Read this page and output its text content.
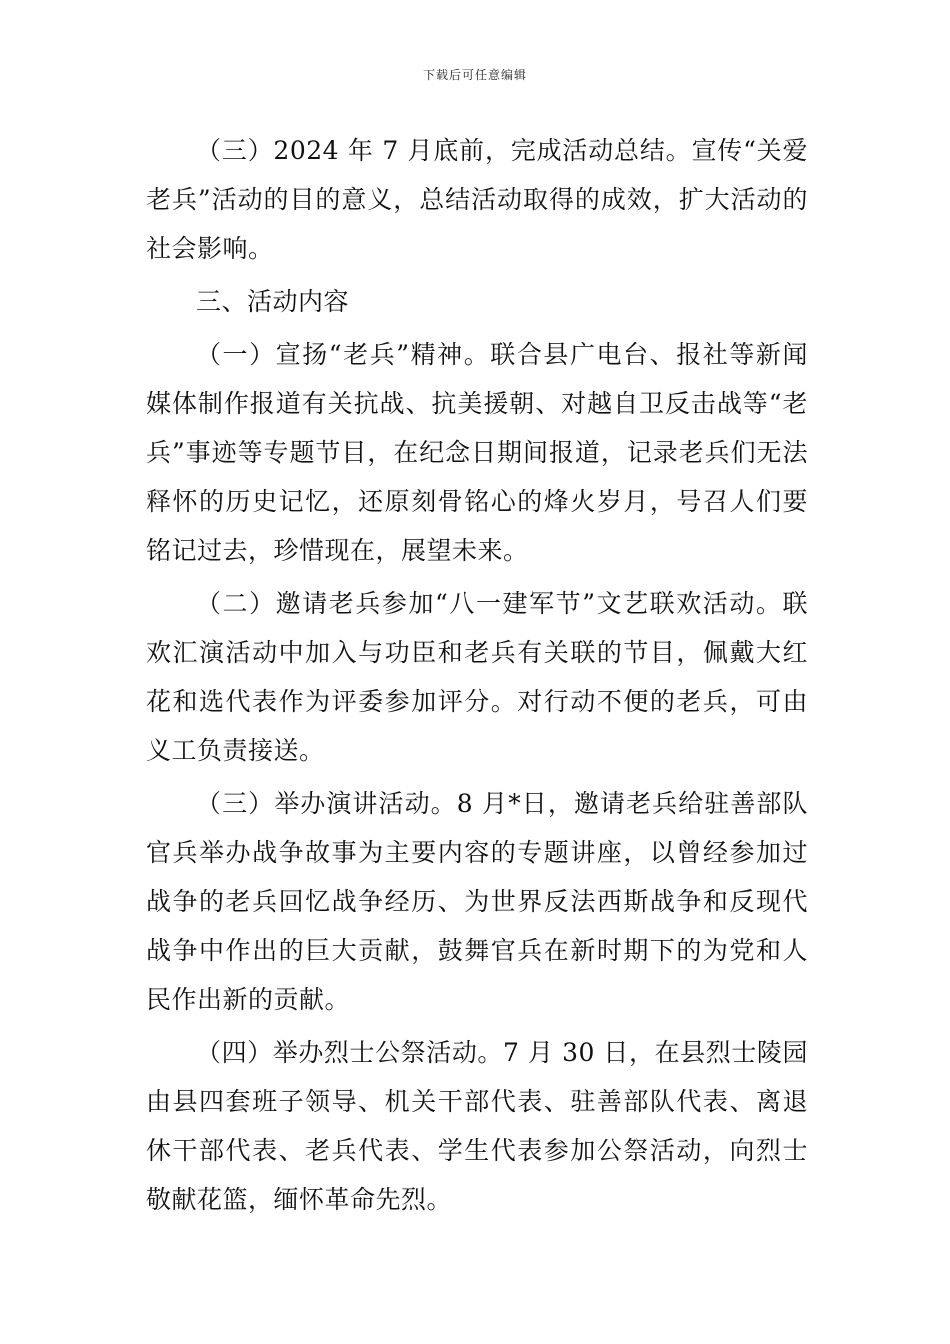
下载后可任意编辑

（三）2024 年 7 月底前，完成活动总结。宣传“关爱老兵”活动的目的意义，总结活动取得的成效，扩大活动的社会影响。

三、活动内容

（一）宣扬“老兵”精神。联合县广电台、报社等新闻媒体制作报道有关抗战、抗美援朝、对越自卫反击战等“老兵”事迹等专题节目，在纪念日期间报道，记录老兵们无法释怀的历史记忆，还原刻骨铭心的烽火岁月，号召人们要铭记过去，珍惜现在，展望未来。

（二）邀请老兵参加“八一建军节”文艺联欢活动。联欢汇演活动中加入与功臣和老兵有关联的节目，佩戴大红花和选代表作为评委参加评分。对行动不便的老兵，可由义工负责接送。

（三）举办演讲活动。8 月*日，邀请老兵给驻善部队官兵举办战争故事为主要内容的专题讲座，以曾经参加过战争的老兵回忆战争经历、为世界反法西斯战争和反现代战争中作出的巨大贡献，鼓舞官兵在新时期下的为党和人民作出新的贡献。

（四）举办烈士公祭活动。7 月 30 日，在县烈士陵园由县四套班子领导、机关干部代表、驻善部队代表、离退休干部代表、老兵代表、学生代表参加公祭活动，向烈士敬献花篮，缅怀革命先烈。
